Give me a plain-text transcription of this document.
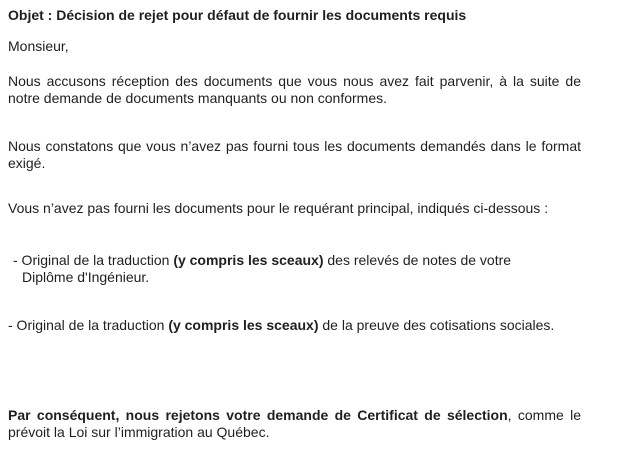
Objet : Décision de rejet pour défaut de fournir les documents requis
Monsieur,
Nous accusons réception des documents que vous nous avez fait parvenir, à la suite de
notre demande de documents manquants ou non conformes.
Nous constatons que vous n’avez pas fourni tous les documents demandés dans le format
exigé.
Vous n’avez pas fourni les documents pour le requérant principal, indiqués ci-dessous :
- Original de la traduction (y compris les sceaux) des relevés de notes de votre
Diplôme d'Ingénieur.
- Original de la traduction (y compris les sceaux) de la preuve des cotisations sociales.
Par conséquent, nous rejetons votre demande de Certificat de sélection, comme le
prévoit la Loi sur l’immigration au Québec.
